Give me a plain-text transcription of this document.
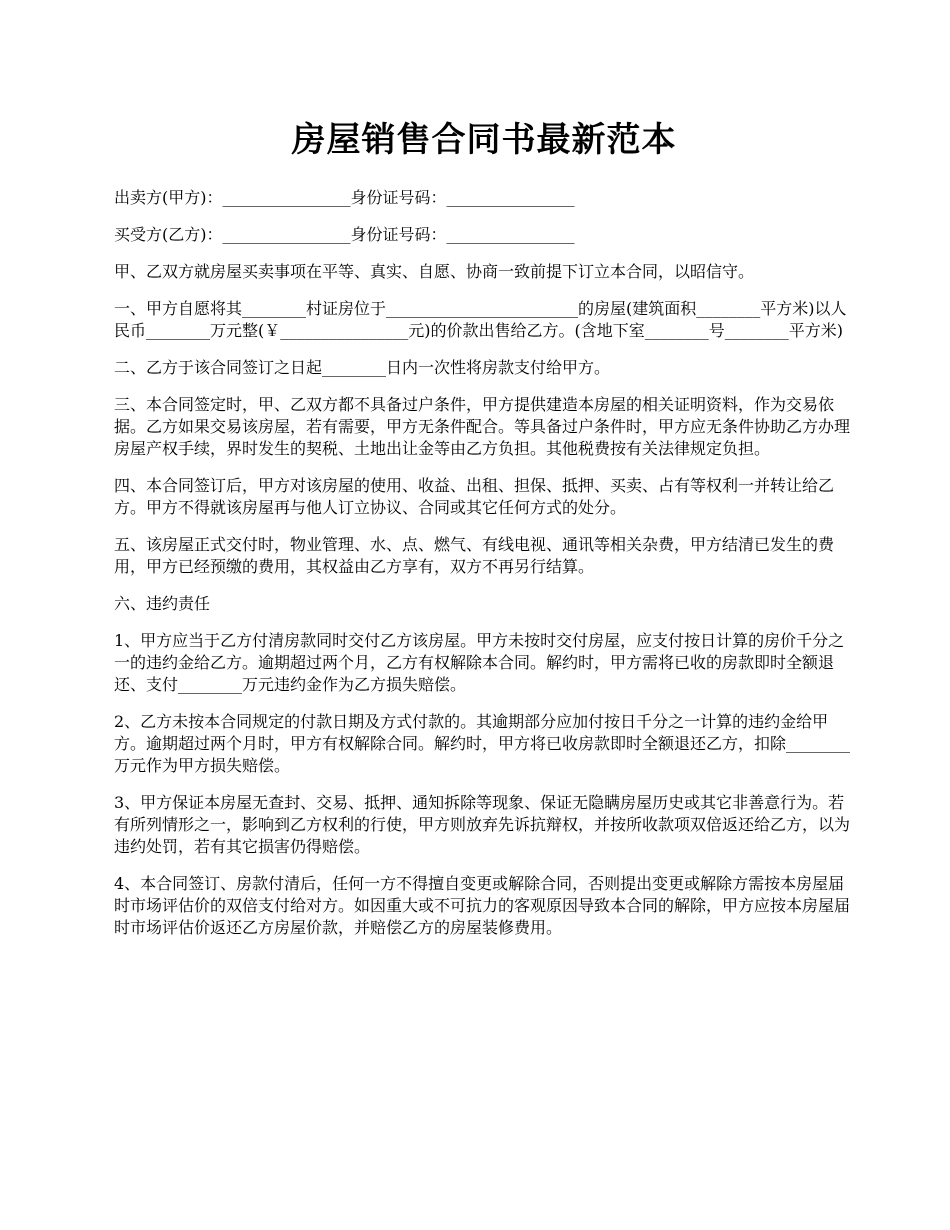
房屋销售合同书最新范本

出卖方(甲方)：________________身份证号码：________________

买受方(乙方)：________________身份证号码：________________

甲、乙双方就房屋买卖事项在平等、真实、自愿、协商一致前提下订立本合同，以昭信守。

一、甲方自愿将其________村证房位于________________________的房屋(建筑面积________平方米)以人民币________万元整(￥________________元)的价款出售给乙方。(含地下室________号________平方米)

二、乙方于该合同签订之日起________日内一次性将房款支付给甲方。

三、本合同签定时，甲、乙双方都不具备过户条件，甲方提供建造本房屋的相关证明资料，作为交易依据。乙方如果交易该房屋，若有需要，甲方无条件配合。等具备过户条件时，甲方应无条件协助乙方办理房屋产权手续，界时发生的契税、土地出让金等由乙方负担。其他税费按有关法律规定负担。

四、本合同签订后，甲方对该房屋的使用、收益、出租、担保、抵押、买卖、占有等权利一并转让给乙方。甲方不得就该房屋再与他人订立协议、合同或其它任何方式的处分。

五、该房屋正式交付时，物业管理、水、点、燃气、有线电视、通讯等相关杂费，甲方结清已发生的费用，甲方已经预缴的费用，其权益由乙方享有，双方不再另行结算。

六、违约责任

1、甲方应当于乙方付清房款同时交付乙方该房屋。甲方未按时交付房屋，应支付按日计算的房价千分之一的违约金给乙方。逾期超过两个月，乙方有权解除本合同。解约时，甲方需将已收的房款即时全额退还、支付________万元违约金作为乙方损失赔偿。

2、乙方未按本合同规定的付款日期及方式付款的。其逾期部分应加付按日千分之一计算的违约金给甲方。逾期超过两个月时，甲方有权解除合同。解约时，甲方将已收房款即时全额退还乙方，扣除________万元作为甲方损失赔偿。

3、甲方保证本房屋无查封、交易、抵押、通知拆除等现象、保证无隐瞒房屋历史或其它非善意行为。若有所列情形之一，影响到乙方权利的行使，甲方则放弃先诉抗辩权，并按所收款项双倍返还给乙方，以为违约处罚，若有其它损害仍得赔偿。

4、本合同签订、房款付清后，任何一方不得擅自变更或解除合同，否则提出变更或解除方需按本房屋届时市场评估价的双倍支付给对方。如因重大或不可抗力的客观原因导致本合同的解除，甲方应按本房屋届时市场评估价返还乙方房屋价款，并赔偿乙方的房屋装修费用。
